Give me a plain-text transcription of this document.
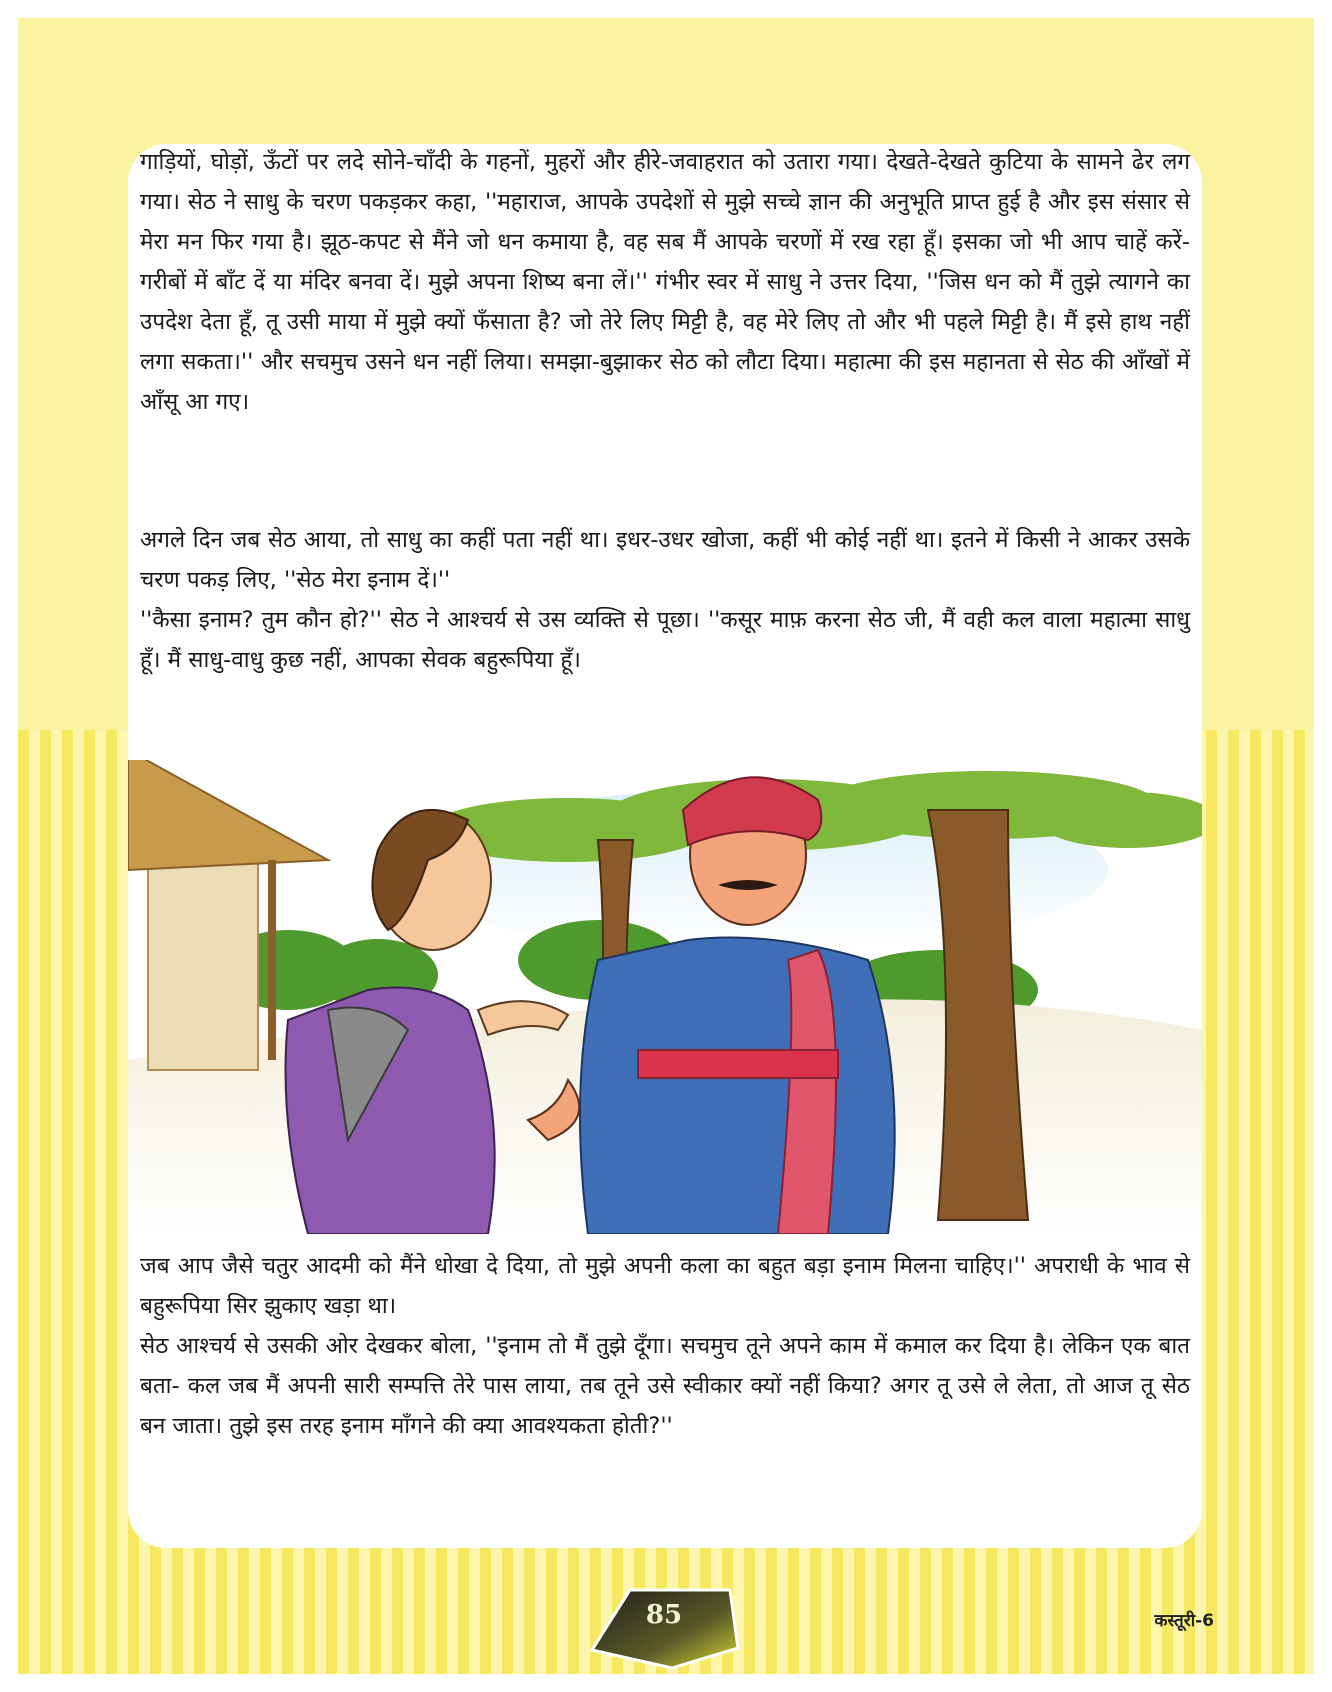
गाड़ियों, घोड़ों, ऊँटों पर लदे सोने-चाँदी के गहनों, मुहरों और हीरे-जवाहरात को उतारा गया। देखते-देखते कुटिया के सामने ढेर लग गया। सेठ ने साधु के चरण पकड़कर कहा, ''महाराज, आपके उपदेशों से मुझे सच्चे ज्ञान की अनुभूति प्राप्त हुई है और इस संसार से मेरा मन फिर गया है। झूठ-कपट से मैंने जो धन कमाया है, वह सब मैं आपके चरणों में रख रहा हूँ। इसका जो भी आप चाहें करें- गरीबों में बाँट दें या मंदिर बनवा दें। मुझे अपना शिष्य बना लें।'' गंभीर स्वर में साधु ने उत्तर दिया, ''जिस धन को मैं तुझे त्यागने का उपदेश देता हूँ, तू उसी माया में मुझे क्यों फँसाता है? जो तेरे लिए मिट्टी है, वह मेरे लिए तो और भी पहले मिट्टी है। मैं इसे हाथ नहीं लगा सकता।'' और सचमुच उसने धन नहीं लिया। समझा-बुझाकर सेठ को लौटा दिया। महात्मा की इस महानता से सेठ की आँखों में आँसू आ गए।

अगले दिन जब सेठ आया, तो साधु का कहीं पता नहीं था। इधर-उधर खोजा, कहीं भी कोई नहीं था। इतने में किसी ने आकर उसके चरण पकड़ लिए, ''सेठ मेरा इनाम दें।''

''कैसा इनाम? तुम कौन हो?'' सेठ ने आश्चर्य से उस व्यक्ति से पूछा। ''कसूर माफ़ करना सेठ जी, मैं वही कल वाला महात्मा साधु हूँ। मैं साधु-वाधु कुछ नहीं, आपका सेवक बहुरूपिया हूँ।

जब आप जैसे चतुर आदमी को मैंने धोखा दे दिया, तो मुझे अपनी कला का बहुत बड़ा इनाम मिलना चाहिए।'' अपराधी के भाव से बहुरूपिया सिर झुकाए खड़ा था।

सेठ आश्चर्य से उसकी ओर देखकर बोला, ''इनाम तो मैं तुझे दूँगा। सचमुच तूने अपने काम में कमाल कर दिया है। लेकिन एक बात बता- कल जब मैं अपनी सारी सम्पत्ति तेरे पास लाया, तब तूने उसे स्वीकार क्यों नहीं किया? अगर तू उसे ले लेता, तो आज तू सेठ बन जाता। तुझे इस तरह इनाम माँगने की क्या आवश्यकता होती?''

85	कस्तूरी-6
